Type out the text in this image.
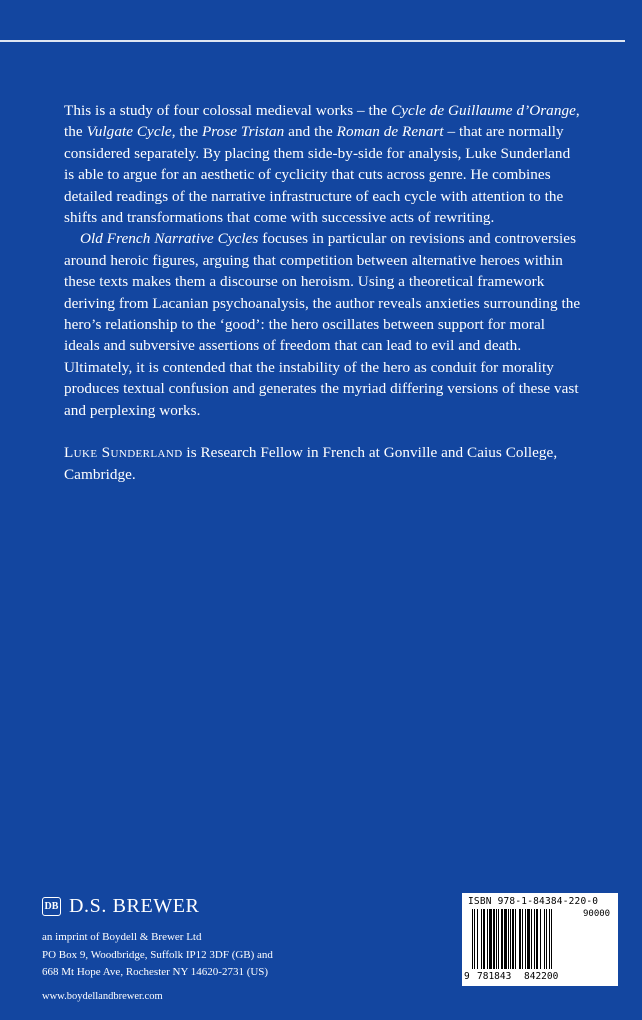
This is a study of four colossal medieval works – the Cycle de Guillaume d’Orange, the Vulgate Cycle, the Prose Tristan and the Roman de Renart – that are normally considered separately. By placing them side-by-side for analysis, Luke Sunderland is able to argue for an aesthetic of cyclicity that cuts across genre. He combines detailed readings of the narrative infrastructure of each cycle with attention to the shifts and transformations that come with successive acts of rewriting.

Old French Narrative Cycles focuses in particular on revisions and controversies around heroic figures, arguing that competition between alternative heroes within these texts makes them a discourse on heroism. Using a theoretical framework deriving from Lacanian psychoanalysis, the author reveals anxieties surrounding the hero’s relationship to the ‘good’: the hero oscillates between support for moral ideals and subversive assertions of freedom that can lead to evil and death. Ultimately, it is contended that the instability of the hero as conduit for morality produces textual confusion and generates the myriad differing versions of these vast and perplexing works.

Luke Sunderland is Research Fellow in French at Gonville and Caius College, Cambridge.

DB D.S. BREWER
an imprint of Boydell & Brewer Ltd
PO Box 9, Woodbridge, Suffolk IP12 3DF (GB) and
668 Mt Hope Ave, Rochester NY 14620-2731 (US)
www.boydellandbrewer.com
ISBN 978-1-84384-220-0
90000
9 781843 842200
